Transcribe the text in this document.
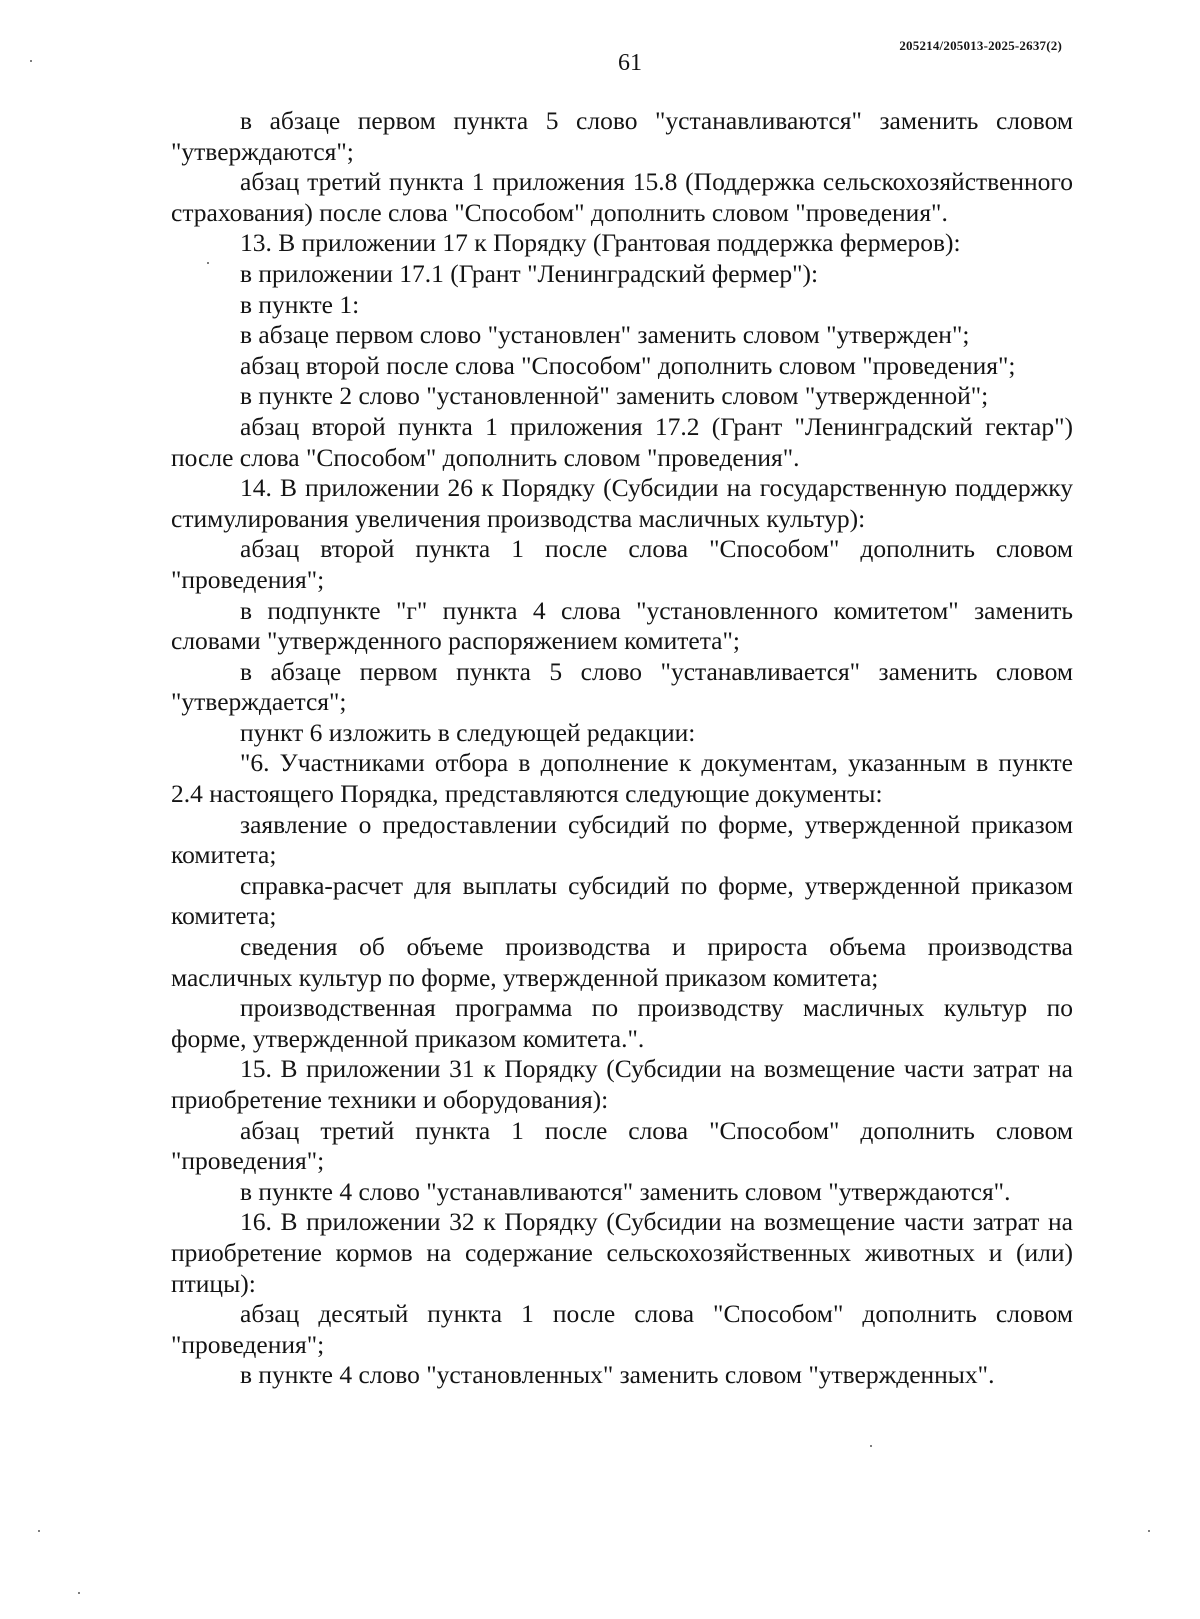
205214/205013-2025-2637(2)
61

в абзаце первом пункта 5 слово "устанавливаются" заменить словом "утверждаются";

абзац третий пункта 1 приложения 15.8 (Поддержка сельскохозяйственного страхования) после слова "Способом" дополнить словом "проведения".

13. В приложении 17 к Порядку (Грантовая поддержка фермеров):

в приложении 17.1 (Грант "Ленинградский фермер"):

в пункте 1:

в абзаце первом слово "установлен" заменить словом "утвержден";

абзац второй после слова "Способом" дополнить словом "проведения";

в пункте 2 слово "установленной" заменить словом "утвержденной";

абзац второй пункта 1 приложения 17.2 (Грант "Ленинградский гектар") после слова "Способом" дополнить словом "проведения".

14. В приложении 26 к Порядку (Субсидии на государственную поддержку стимулирования увеличения производства масличных культур):

абзац второй пункта 1 после слова "Способом" дополнить словом "проведения";

в подпункте "г" пункта 4 слова "установленного комитетом" заменить словами "утвержденного распоряжением комитета";

в абзаце первом пункта 5 слово "устанавливается" заменить словом "утверждается";

пункт 6 изложить в следующей редакции:

"6. Участниками отбора в дополнение к документам, указанным в пункте 2.4 настоящего Порядка, представляются следующие документы:

заявление о предоставлении субсидий по форме, утвержденной приказом комитета;

справка-расчет для выплаты субсидий по форме, утвержденной приказом комитета;

сведения об объеме производства и прироста объема производства масличных культур по форме, утвержденной приказом комитета;

производственная программа по производству масличных культур по форме, утвержденной приказом комитета.".

15. В приложении 31 к Порядку (Субсидии на возмещение части затрат на приобретение техники и оборудования):

абзац третий пункта 1 после слова "Способом" дополнить словом "проведения";

в пункте 4 слово "устанавливаются" заменить словом "утверждаются".

16. В приложении 32 к Порядку (Субсидии на возмещение части затрат на приобретение кормов на содержание сельскохозяйственных животных и (или) птицы):

абзац десятый пункта 1 после слова "Способом" дополнить словом "проведения";

в пункте 4 слово "установленных" заменить словом "утвержденных".
